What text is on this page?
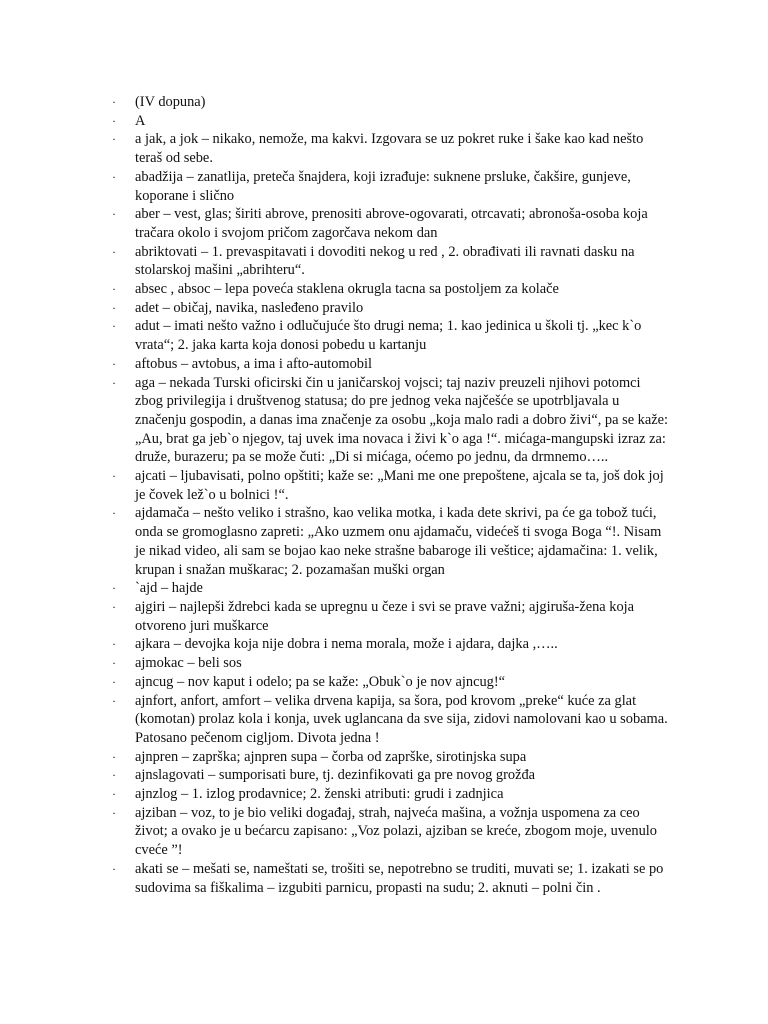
· (IV dopuna)
· A
· a jak, a jok – nikako, nemože, ma kakvi. Izgovara se uz pokret ruke i šake kao kad nešto teraš od sebe.
· abadžija – zanatlija, preteča šnajdera, koji izrađuje: suknene prsluke, čakšire, gunjeve, koporane i slično
· aber – vest, glas; širiti abrove, prenositi abrove-ogovarati, otrcavati; abronoša-osoba koja tračara okolo i svojom pričom zagorčava nekom dan
· abriktovati – 1. prevaspitavati i dovoditi nekog u red , 2. obrađivati ili ravnati dasku na stolarskoj mašini „abrihteru“.
· absec , absoc – lepa poveća staklena okrugla tacna sa postoljem za kolače
· adet – običaj, navika, nasleđeno pravilo
· adut – imati nešto važno i odlučujuće što drugi nema; 1. kao jedinica u školi tj. „kec k`o vrata“; 2. jaka karta koja donosi pobedu u kartanju
· aftobus – avtobus, a ima i afto-automobil
· aga – nekada Turski oficirski čin u janičarskoj vojsci; taj naziv preuzeli njihovi potomci zbog privilegija i društvenog statusa; do pre jednog veka najčešće se upotrbljavala u značenju gospodin, a danas ima značenje za osobu „koja malo radi a dobro živi“, pa se kaže: „Au, brat ga jeb`o njegov, taj uvek ima novaca i živi k`o aga !“. mićaga-mangupski izraz za: druže, burazeru; pa se može čuti: „Di si mićaga, oćemo po jednu, da drmnemo…..
· ajcati – ljubavisati, polno opštiti; kaže se: „Mani me one prepoštene, ajcala se ta, još dok joj je čovek lež`o u bolnici !“.
· ajdamača – nešto veliko i strašno, kao velika motka, i kada dete skrivi, pa će ga tobož tući, onda se gromoglasno zapreti: „Ako uzmem onu ajdamaču, videćeš ti svoga Boga “!. Nisam je nikad video, ali sam se bojao kao neke strašne babaroge ili veštice; ajdamačina: 1. velik, krupan i snažan muškarac; 2. pozamašan muški organ
· `ajd – hajde
· ajgiri – najlepši ždrebci kada se upregnu u čeze i svi se prave važni; ajgiruša-žena koja otvoreno juri muškarce
· ajkara – devojka koja nije dobra i nema morala, može i ajdara, dajka ,…..
· ajmokac – beli sos
· ajncug – nov kaput i odelo; pa se kaže: „Obuk`o je nov ajncug!“
· ajnfort, anfort, amfort – velika drvena kapija, sa šora, pod krovom „preke“ kuće za glat (komotan) prolaz kola i konja, uvek uglancana da sve sija, zidovi namolovani kao u sobama. Patosano pečenom cigljom. Divota jedna !
· ajnpren – zaprška; ajnpren supa – čorba od zaprške, sirotinjska supa
· ajnslagovati – sumporisati bure, tj. dezinfikovati ga pre novog grožđa
· ajnzlog – 1. izlog prodavnice; 2. ženski atributi: grudi i zadnjica
· ajziban – voz, to je bio veliki događaj, strah, najveća mašina, a vožnja uspomena za ceo život; a ovako je u bećarcu zapisano: „Voz polazi, ajziban se kreće, zbogom moje, uvenulo cveće ”!
· akati se – mešati se, nameštati se, trošiti se, nepotrebno se truditi, muvati se; 1. izakati se po sudovima sa fiškalima – izgubiti parnicu, propasti na sudu; 2. aknuti – polni čin .
